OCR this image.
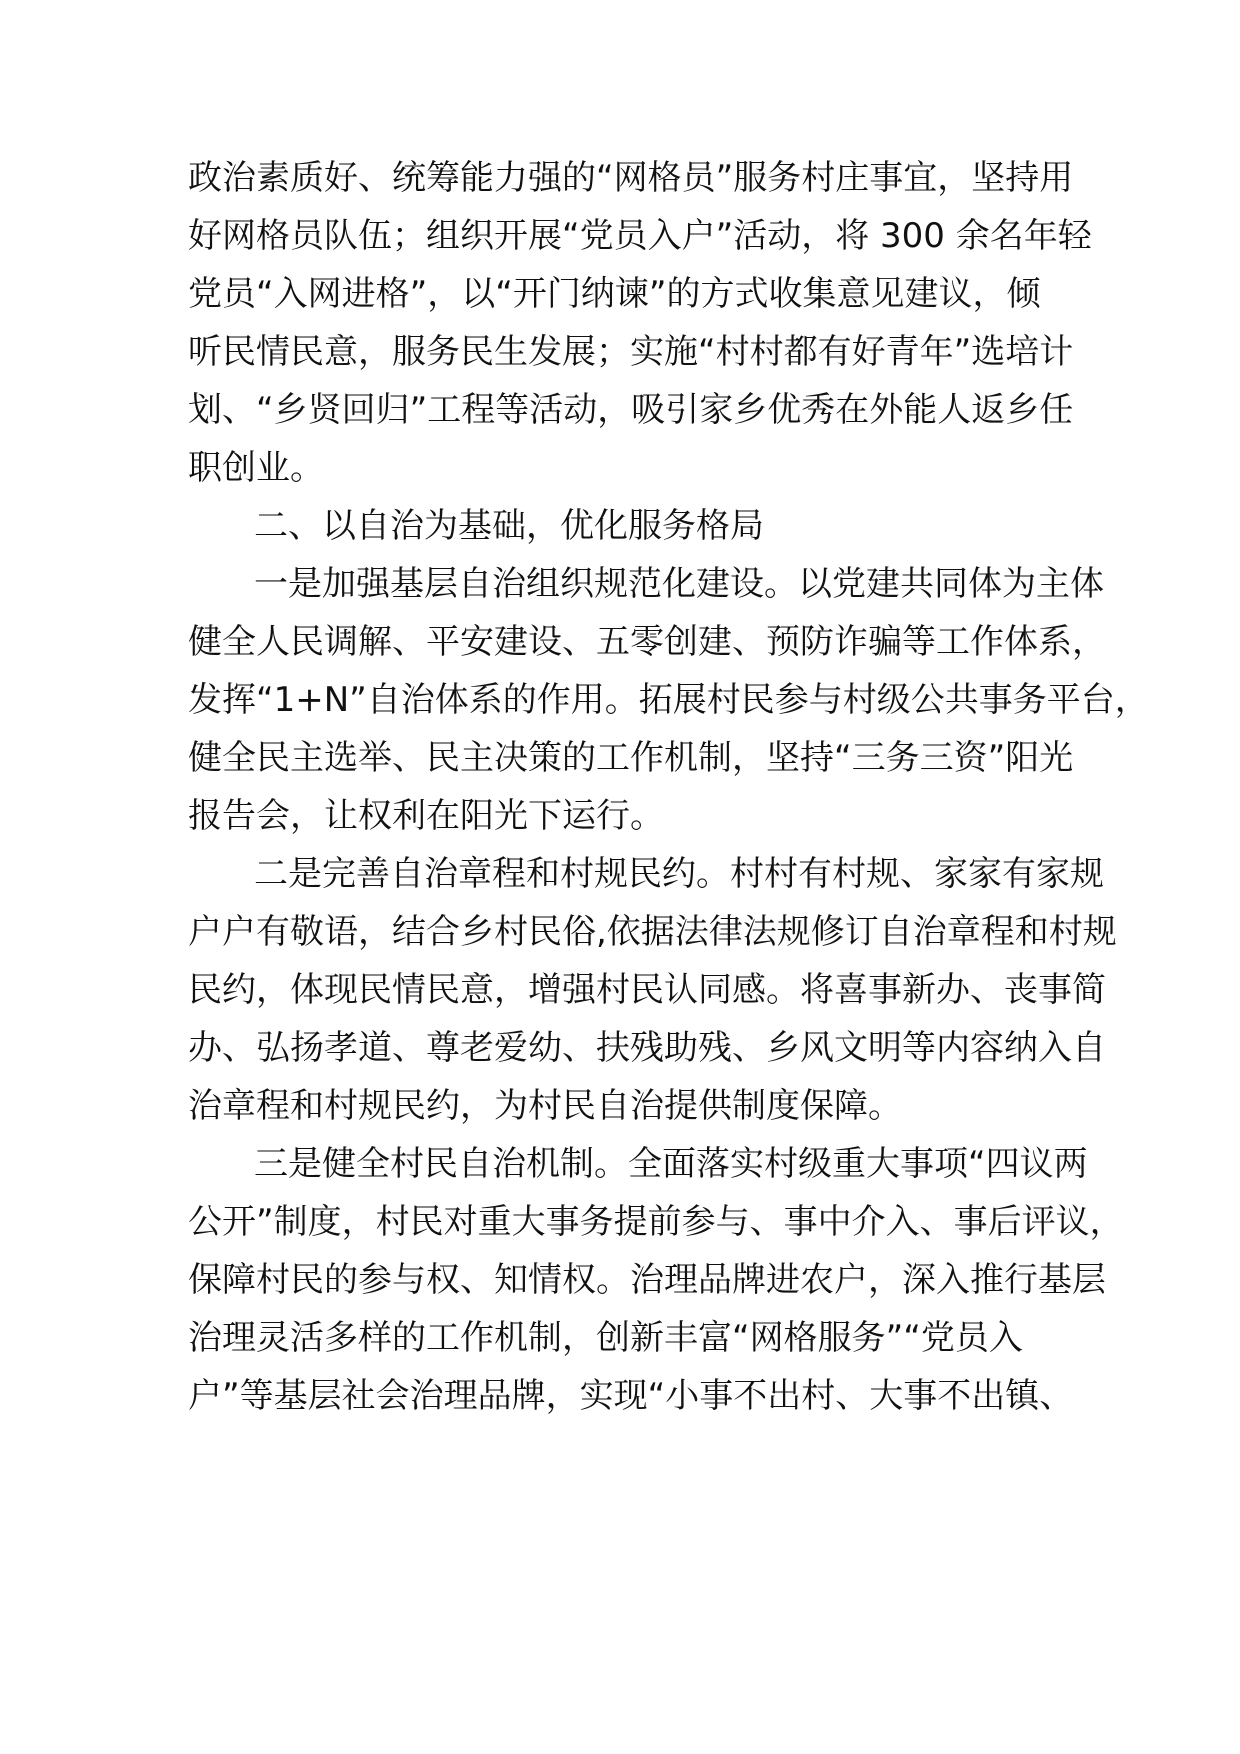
政治素质好、统筹能力强的“网格员”服务村庄事宜，坚持用
好网格员队伍；组织开展“党员入户”活动，将 300 余名年轻
党员“入网进格”，以“开门纳谏”的方式收集意见建议，倾
听民情民意，服务民生发展；实施“村村都有好青年”选培计
划、“乡贤回归”工程等活动，吸引家乡优秀在外能人返乡任
职创业。
二、以自治为基础，优化服务格局
一是加强基层自治组织规范化建设。以党建共同体为主体
健全人民调解、平安建设、五零创建、预防诈骗等工作体系，
发挥“1+N”自治体系的作用。拓展村民参与村级公共事务平台，
健全民主选举、民主决策的工作机制，坚持“三务三资”阳光
报告会，让权利在阳光下运行。
二是完善自治章程和村规民约。村村有村规、家家有家规
户户有敬语，结合乡村民俗,依据法律法规修订自治章程和村规
民约，体现民情民意，增强村民认同感。将喜事新办、丧事简
办、弘扬孝道、尊老爱幼、扶残助残、乡风文明等内容纳入自
治章程和村规民约，为村民自治提供制度保障。
三是健全村民自治机制。全面落实村级重大事项“四议两
公开”制度，村民对重大事务提前参与、事中介入、事后评议，
保障村民的参与权、知情权。治理品牌进农户，深入推行基层
治理灵活多样的工作机制，创新丰富“网格服务”“党员入
户”等基层社会治理品牌，实现“小事不出村、大事不出镇、
